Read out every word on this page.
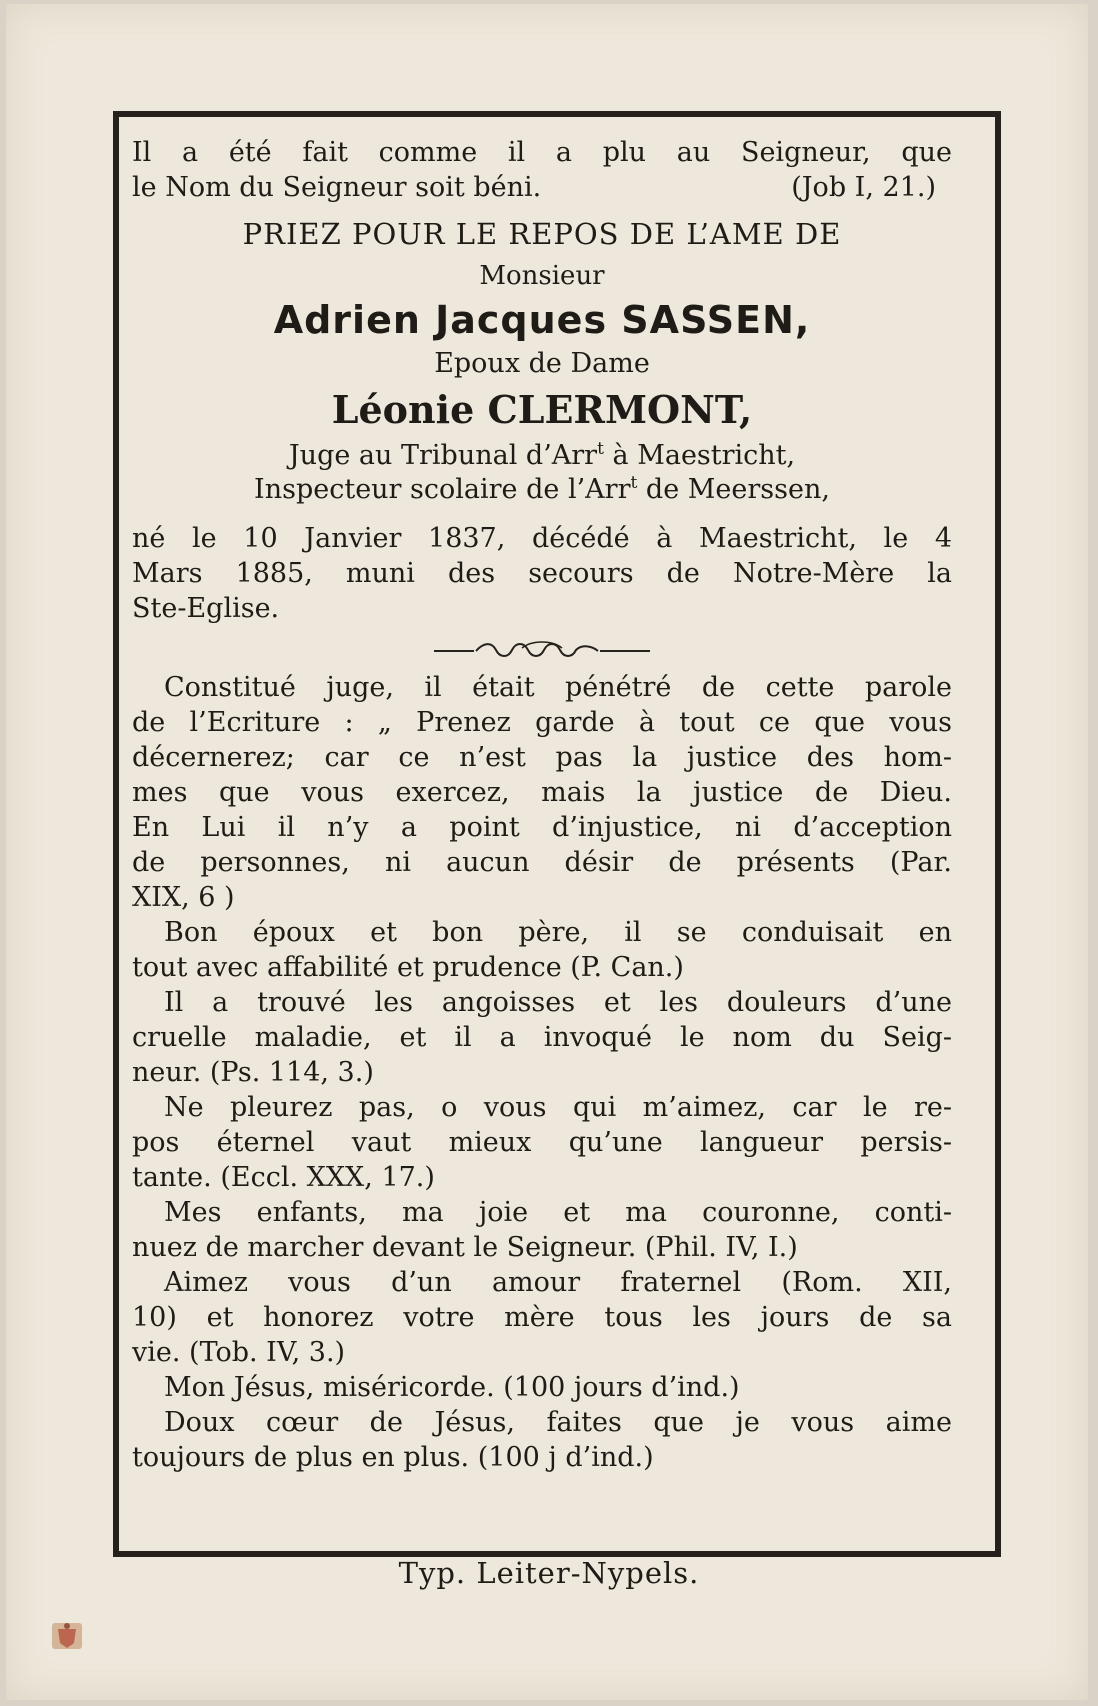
Il a été fait comme il a plu au Seigneur, que

le Nom du Seigneur soit béni.	(Job I, 21.)

PRIEZ POUR LE REPOS DE L’AME DE

Monsieur

Adrien Jacques SASSEN,

Epoux de Dame

Léonie CLERMONT,

Juge au Tribunal d’Arr$^t$ à Maestricht,

Inspecteur scolaire de l’Arr$^t$ de Meerssen,

né le 10 Janvier 1837, décédé à Maestricht, le 4

Mars 1885, muni des secours de Notre-Mère la

Ste-Eglise.

Constitué juge, il était pénétré de cette parole

de l’Ecriture : „ Prenez garde à tout ce que vous

décernerez; car ce n’est pas la justice des hom-

mes que vous exercez, mais la justice de Dieu.

En Lui il n’y a point d’injustice, ni d’acception

de personnes, ni aucun désir de présents (Par.

XIX, 6 )

Bon époux et bon père, il se conduisait en

tout avec affabilité et prudence (P. Can.)

Il a trouvé les angoisses et les douleurs d’une

cruelle maladie, et il a invoqué le nom du Seig-

neur. (Ps. 114, 3.)

Ne pleurez pas, o vous qui m’aimez, car le re-

pos éternel vaut mieux qu’une langueur persis-

tante. (Eccl. XXX, 17.)

Mes enfants, ma joie et ma couronne, conti-

nuez de marcher devant le Seigneur. (Phil. IV, I.)

Aimez vous d’un amour fraternel (Rom. XII,

10) et honorez votre mère tous les jours de sa

vie. (Tob. IV, 3.)

Mon Jésus, miséricorde. (100 jours d’ind.)

Doux cœur de Jésus, faites que je vous aime

toujours de plus en plus. (100 j d’ind.)

Typ. Leiter-Nypels.
